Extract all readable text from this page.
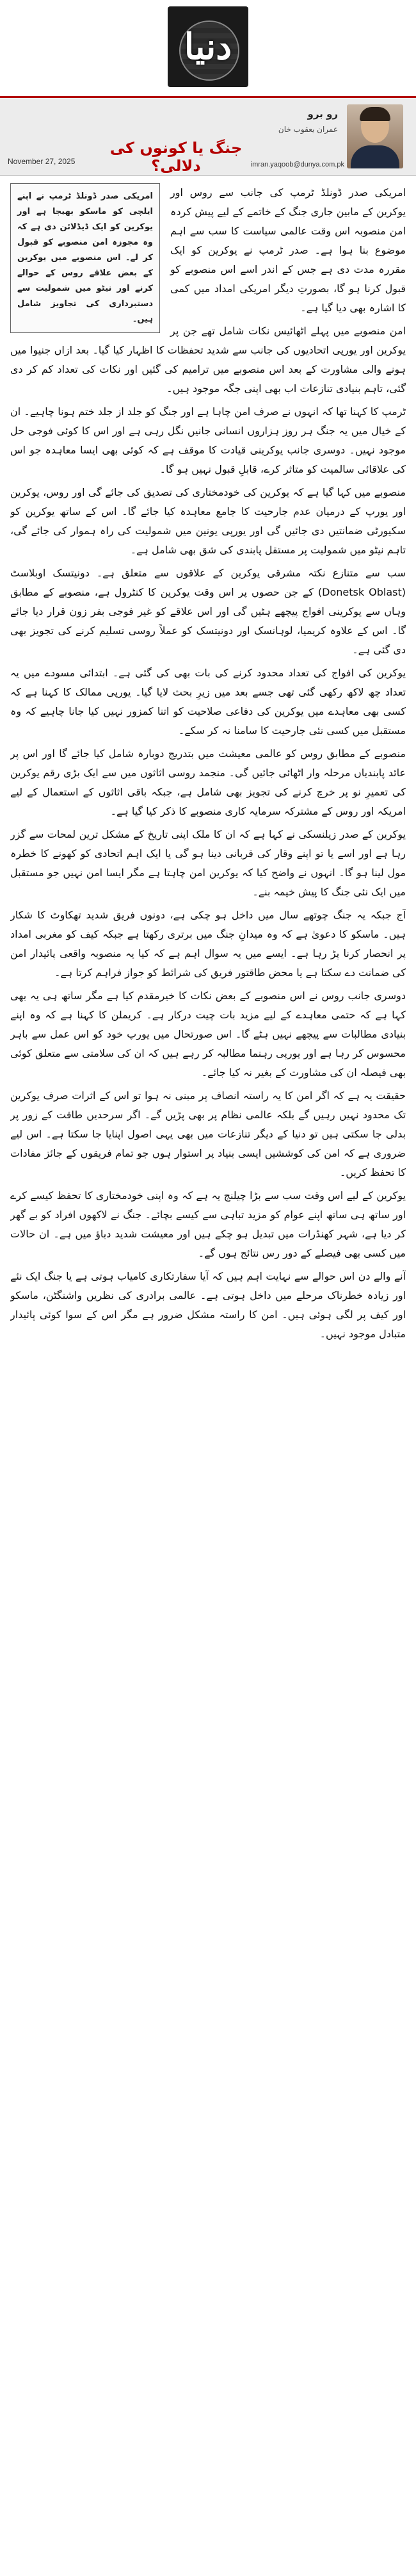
دنیا
رو برو
عمران یعقوب خان
جنگ یا کونوں کی دلالی؟
November 27, 2025	imran.yaqoob@dunya.com.pk
امریکی صدر ڈونلڈ ٹرمپ نے اپنے ایلچی کو ماسکو بھیجا ہے اور یوکرین کو ایک ڈیڈلائن دی ہے کہ وہ مجوزہ امن منصوبے کو قبول کر لے۔ اس منصوبے میں یوکرین کے بعض علاقے روس کے حوالے کرنے اور نیٹو میں شمولیت سے دستبرداری کی تجاویز شامل ہیں۔

امریکی صدر ڈونلڈ ٹرمپ کی جانب سے روس اور یوکرین کے مابین جاری جنگ کے خاتمے کے لیے پیش کردہ امن منصوبہ اس وقت عالمی سیاست کا سب سے اہم موضوع بنا ہوا ہے۔ صدر ٹرمپ نے یوکرین کو ایک مقررہ مدت دی ہے جس کے اندر اسے اس منصوبے کو قبول کرنا ہو گا، بصورتِ دیگر امریکی امداد میں کمی کا اشارہ بھی دیا گیا ہے۔

امن منصوبے میں پہلے اٹھائیس نکات شامل تھے جن پر یوکرین اور یورپی اتحادیوں کی جانب سے شدید تحفظات کا اظہار کیا گیا۔ بعد ازاں جنیوا میں ہونے والی مشاورت کے بعد اس منصوبے میں ترامیم کی گئیں اور نکات کی تعداد کم کر دی گئی، تاہم بنیادی تنازعات اب بھی اپنی جگہ موجود ہیں۔

ٹرمپ کا کہنا تھا کہ انہوں نے صرف امن چاہا ہے اور جنگ کو جلد از جلد ختم ہونا چاہیے۔ ان کے خیال میں یہ جنگ ہر روز ہزاروں انسانی جانیں نگل رہی ہے اور اس کا کوئی فوجی حل موجود نہیں۔ دوسری جانب یوکرینی قیادت کا موقف ہے کہ کوئی بھی ایسا معاہدہ جو اس کی علاقائی سالمیت کو متاثر کرے، قابلِ قبول نہیں ہو گا۔

منصوبے میں کہا گیا ہے کہ یوکرین کی خودمختاری کی تصدیق کی جائے گی اور روس، یوکرین اور یورپ کے درمیان عدم جارحیت کا جامع معاہدہ کیا جائے گا۔ اس کے ساتھ یوکرین کو سکیورٹی ضمانتیں دی جائیں گی اور یورپی یونین میں شمولیت کی راہ ہموار کی جائے گی، تاہم نیٹو میں شمولیت پر مستقل پابندی کی شق بھی شامل ہے۔

سب سے متنازع نکتہ مشرقی یوکرین کے علاقوں سے متعلق ہے۔ دونیتسک اوبلاسٹ (Donetsk Oblast) کے جن حصوں پر اس وقت یوکرین کا کنٹرول ہے، منصوبے کے مطابق وہاں سے یوکرینی افواج پیچھے ہٹیں گی اور اس علاقے کو غیر فوجی بفر زون قرار دیا جائے گا۔ اس کے علاوہ کریمیا، لوہانسک اور دونیتسک کو عملاً روسی تسلیم کرنے کی تجویز بھی دی گئی ہے۔

یوکرین کی افواج کی تعداد محدود کرنے کی بات بھی کی گئی ہے۔ ابتدائی مسودے میں یہ تعداد چھ لاکھ رکھی گئی تھی جسے بعد میں زیرِ بحث لایا گیا۔ یورپی ممالک کا کہنا ہے کہ کسی بھی معاہدے میں یوکرین کی دفاعی صلاحیت کو اتنا کمزور نہیں کیا جانا چاہیے کہ وہ مستقبل میں کسی نئی جارحیت کا سامنا نہ کر سکے۔

منصوبے کے مطابق روس کو عالمی معیشت میں بتدریج دوبارہ شامل کیا جائے گا اور اس پر عائد پابندیاں مرحلہ وار اٹھائی جائیں گی۔ منجمد روسی اثاثوں میں سے ایک بڑی رقم یوکرین کی تعمیرِ نو پر خرچ کرنے کی تجویز بھی شامل ہے، جبکہ باقی اثاثوں کے استعمال کے لیے امریکہ اور روس کے مشترکہ سرمایہ کاری منصوبے کا ذکر کیا گیا ہے۔

یوکرین کے صدر زیلنسکی نے کہا ہے کہ ان کا ملک اپنی تاریخ کے مشکل ترین لمحات سے گزر رہا ہے اور اسے یا تو اپنے وقار کی قربانی دینا ہو گی یا ایک اہم اتحادی کو کھونے کا خطرہ مول لینا ہو گا۔ انہوں نے واضح کیا کہ یوکرین امن چاہتا ہے مگر ایسا امن نہیں جو مستقبل میں ایک نئی جنگ کا پیش خیمہ بنے۔

آج جبکہ یہ جنگ چوتھے سال میں داخل ہو چکی ہے، دونوں فریق شدید تھکاوٹ کا شکار ہیں۔ ماسکو کا دعویٰ ہے کہ وہ میدانِ جنگ میں برتری رکھتا ہے جبکہ کیف کو مغربی امداد پر انحصار کرنا پڑ رہا ہے۔ ایسے میں یہ سوال اہم ہے کہ کیا یہ منصوبہ واقعی پائیدار امن کی ضمانت دے سکتا ہے یا محض طاقتور فریق کی شرائط کو جواز فراہم کرتا ہے۔

دوسری جانب روس نے اس منصوبے کے بعض نکات کا خیرمقدم کیا ہے مگر ساتھ ہی یہ بھی کہا ہے کہ حتمی معاہدے کے لیے مزید بات چیت درکار ہے۔ کریملن کا کہنا ہے کہ وہ اپنے بنیادی مطالبات سے پیچھے نہیں ہٹے گا۔ اس صورتحال میں یورپ خود کو اس عمل سے باہر محسوس کر رہا ہے اور یورپی رہنما مطالبہ کر رہے ہیں کہ ان کی سلامتی سے متعلق کوئی بھی فیصلہ ان کی مشاورت کے بغیر نہ کیا جائے۔

حقیقت یہ ہے کہ اگر امن کا یہ راستہ انصاف پر مبنی نہ ہوا تو اس کے اثرات صرف یوکرین تک محدود نہیں رہیں گے بلکہ عالمی نظام پر بھی پڑیں گے۔ اگر سرحدیں طاقت کے زور پر بدلی جا سکتی ہیں تو دنیا کے دیگر تنازعات میں بھی یہی اصول اپنایا جا سکتا ہے۔ اس لیے ضروری ہے کہ امن کی کوششیں ایسی بنیاد پر استوار ہوں جو تمام فریقوں کے جائز مفادات کا تحفظ کریں۔

یوکرین کے لیے اس وقت سب سے بڑا چیلنج یہ ہے کہ وہ اپنی خودمختاری کا تحفظ کیسے کرے اور ساتھ ہی ساتھ اپنے عوام کو مزید تباہی سے کیسے بچائے۔ جنگ نے لاکھوں افراد کو بے گھر کر دیا ہے، شہر کھنڈرات میں تبدیل ہو چکے ہیں اور معیشت شدید دباؤ میں ہے۔ ان حالات میں کسی بھی فیصلے کے دور رس نتائج ہوں گے۔

آنے والے دن اس حوالے سے نہایت اہم ہیں کہ آیا سفارتکاری کامیاب ہوتی ہے یا جنگ ایک نئے اور زیادہ خطرناک مرحلے میں داخل ہوتی ہے۔ عالمی برادری کی نظریں واشنگٹن، ماسکو اور کیف پر لگی ہوئی ہیں۔ امن کا راستہ مشکل ضرور ہے مگر اس کے سوا کوئی پائیدار متبادل موجود نہیں۔
